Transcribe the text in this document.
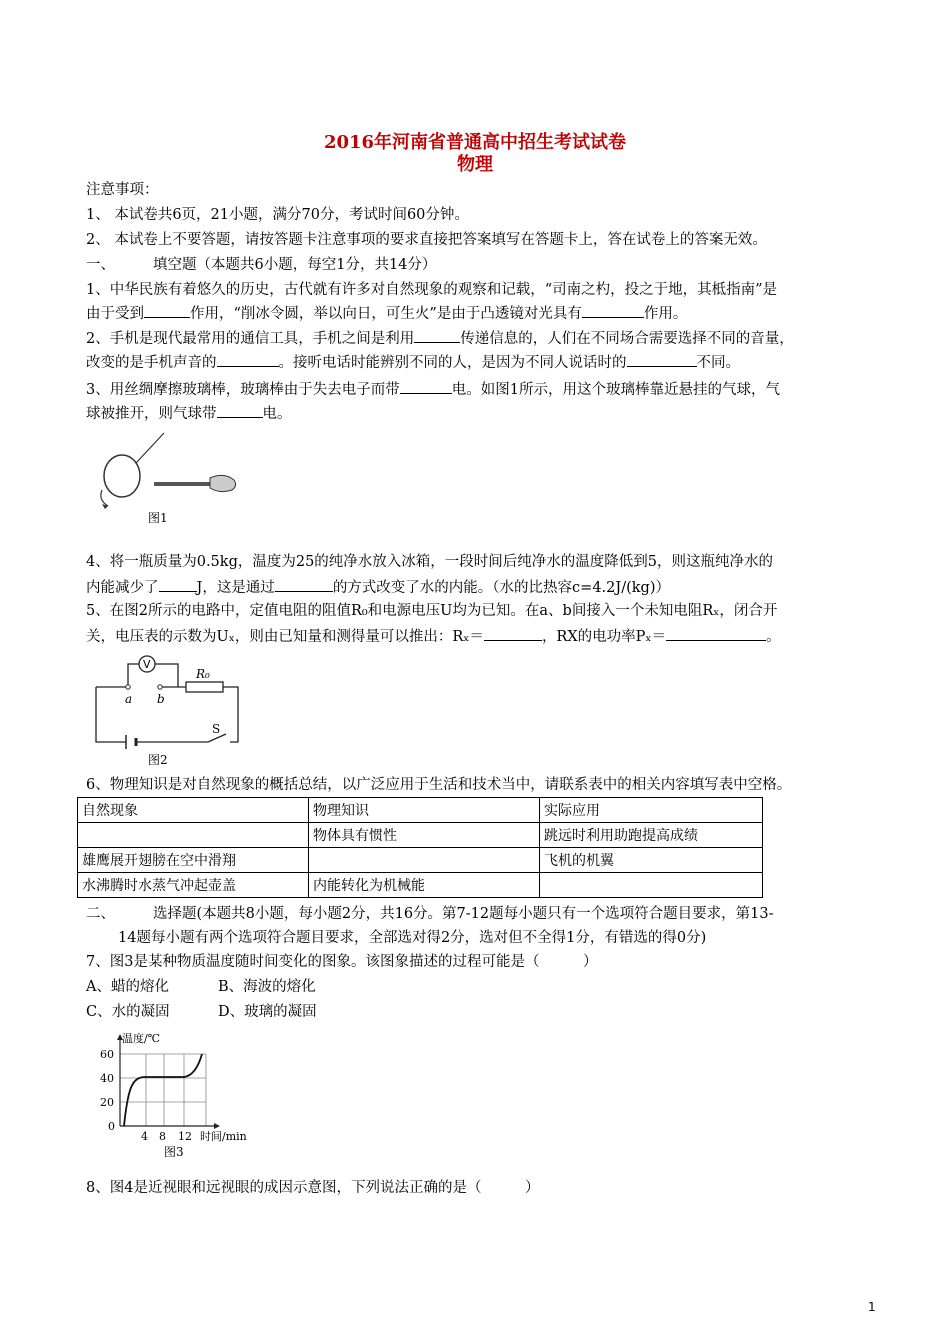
2016年河南省普通高中招生考试试卷
物理
注意事项：
1、 本试卷共6页，21小题，满分70分，考试时间60分钟。
2、 本试卷上不要答题，请按答题卡注意事项的要求直接把答案填写在答题卡上，答在试卷上的答案无效。
一、	填空题（本题共6小题，每空1分，共14分）
1、中华民族有着悠久的历史，古代就有许多对自然现象的观察和记载，“司南之杓，投之于地，其柢指南”是
由于受到	作用，“削冰令圆，举以向日，可生火”是由于凸透镜对光具有	作用。
2、手机是现代最常用的通信工具，手机之间是利用	传递信息的，人们在不同场合需要选择不同的音量，
改变的是手机声音的	。接听电话时能辨别不同的人，是因为不同人说话时的	不同。
3、用丝绸摩擦玻璃棒，玻璃棒由于失去电子而带	电。如图1所示，用这个玻璃棒靠近悬挂的气球，气
球被推开，则气球带	电。
图1
4、将一瓶质量为0.5kg，温度为25的纯净水放入冰箱，一段时间后纯净水的温度降低到5，则这瓶纯净水的
内能减少了	J，这是通过	的方式改变了水的内能。（水的比热容c=4.2J/(kg)）
5、在图2所示的电路中，定值电阻的阻值R₀和电源电压U均为已知。在a、b间接入一个未知电阻Rₓ，闭合开
关，电压表的示数为Uₓ，则由已知量和测得量可以推出：Rₓ＝	，RX的电功率Pₓ＝	。
V
a b
R₀
S
图2
6、物理知识是对自然现象的概括总结，以广泛应用于生活和技术当中，请联系表中的相关内容填写表中空格。
自然现象	物理知识	实际应用
	物体具有惯性	跳远时利用助跑提高成绩
雄鹰展开翅膀在空中滑翔		飞机的机翼
水沸腾时水蒸气冲起壶盖	内能转化为机械能	
二、	选择题(本题共8小题，每小题2分，共16分。第7-12题每小题只有一个选项符合题目要求，第13-
14题每小题有两个选项符合题目要求，全部选对得2分，选对但不全得1分，有错选的得0分)
7、图3是某种物质温度随时间变化的图象。该图象描述的过程可能是（　　　）
A、蜡的熔化	B、海波的熔化
C、水的凝固	D、玻璃的凝固
温度/℃
60
40
20
0
4 8 12 时间/min
图3
8、图4是近视眼和远视眼的成因示意图，下列说法正确的是（　　　）
1
